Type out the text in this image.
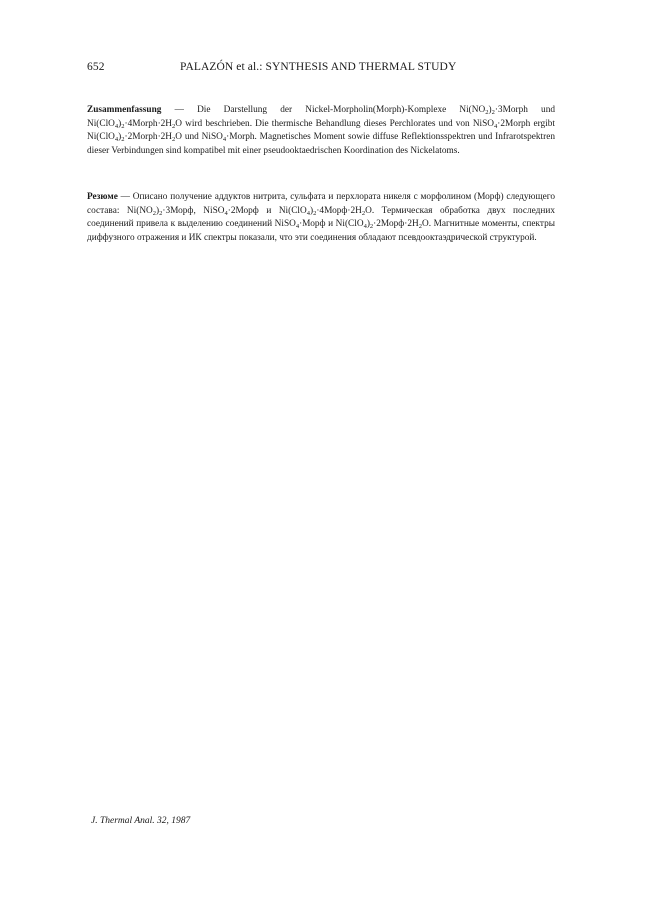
652	PALAZÓN et al.: SYNTHESIS AND THERMAL STUDY

Zusammenfassung — Die Darstellung der Nickel-Morpholin(Morph)-Komplexe $Ni(NO_2)_2\cdot 3Morph$ und $Ni(ClO_4)_2\cdot 4Morph\cdot 2H_2O$ wird beschrieben. Die thermische Behandlung dieses Perchlorates und von NiSO$_4$·2Morph ergibt $Ni(ClO_4)_2\cdot 2Morph\cdot 2H_2O$ und NiSO$_4$·Morph. Magnetisches Moment sowie diffuse Reflektionsspektren und Infrarotspektren dieser Verbindungen sind kompatibel mit einer pseudooktaedrischen Koordination des Nickelatoms.

Резюме — Описано получение аддуктов нитрита, сульфата и перхлората никеля с морфолином (Морф) следующего состава: $Ni(NO_2)_2\cdot 3Морф$, NiSO$_4$·2Морф и $Ni(ClO_4)_2\cdot 4Морф\cdot 2H_2O$. Термическая обработка двух последних соединений привела к выделению соединений NiSO$_4$·Морф и $Ni(ClO_4)_2\cdot 2Морф\cdot 2H_2O$. Магнитные моменты, спектры диффузного отражения и ИК спектры показали, что эти соединения обладают псевдооктаэдрической структурой.

J. Thermal Anal. 32, 1987
